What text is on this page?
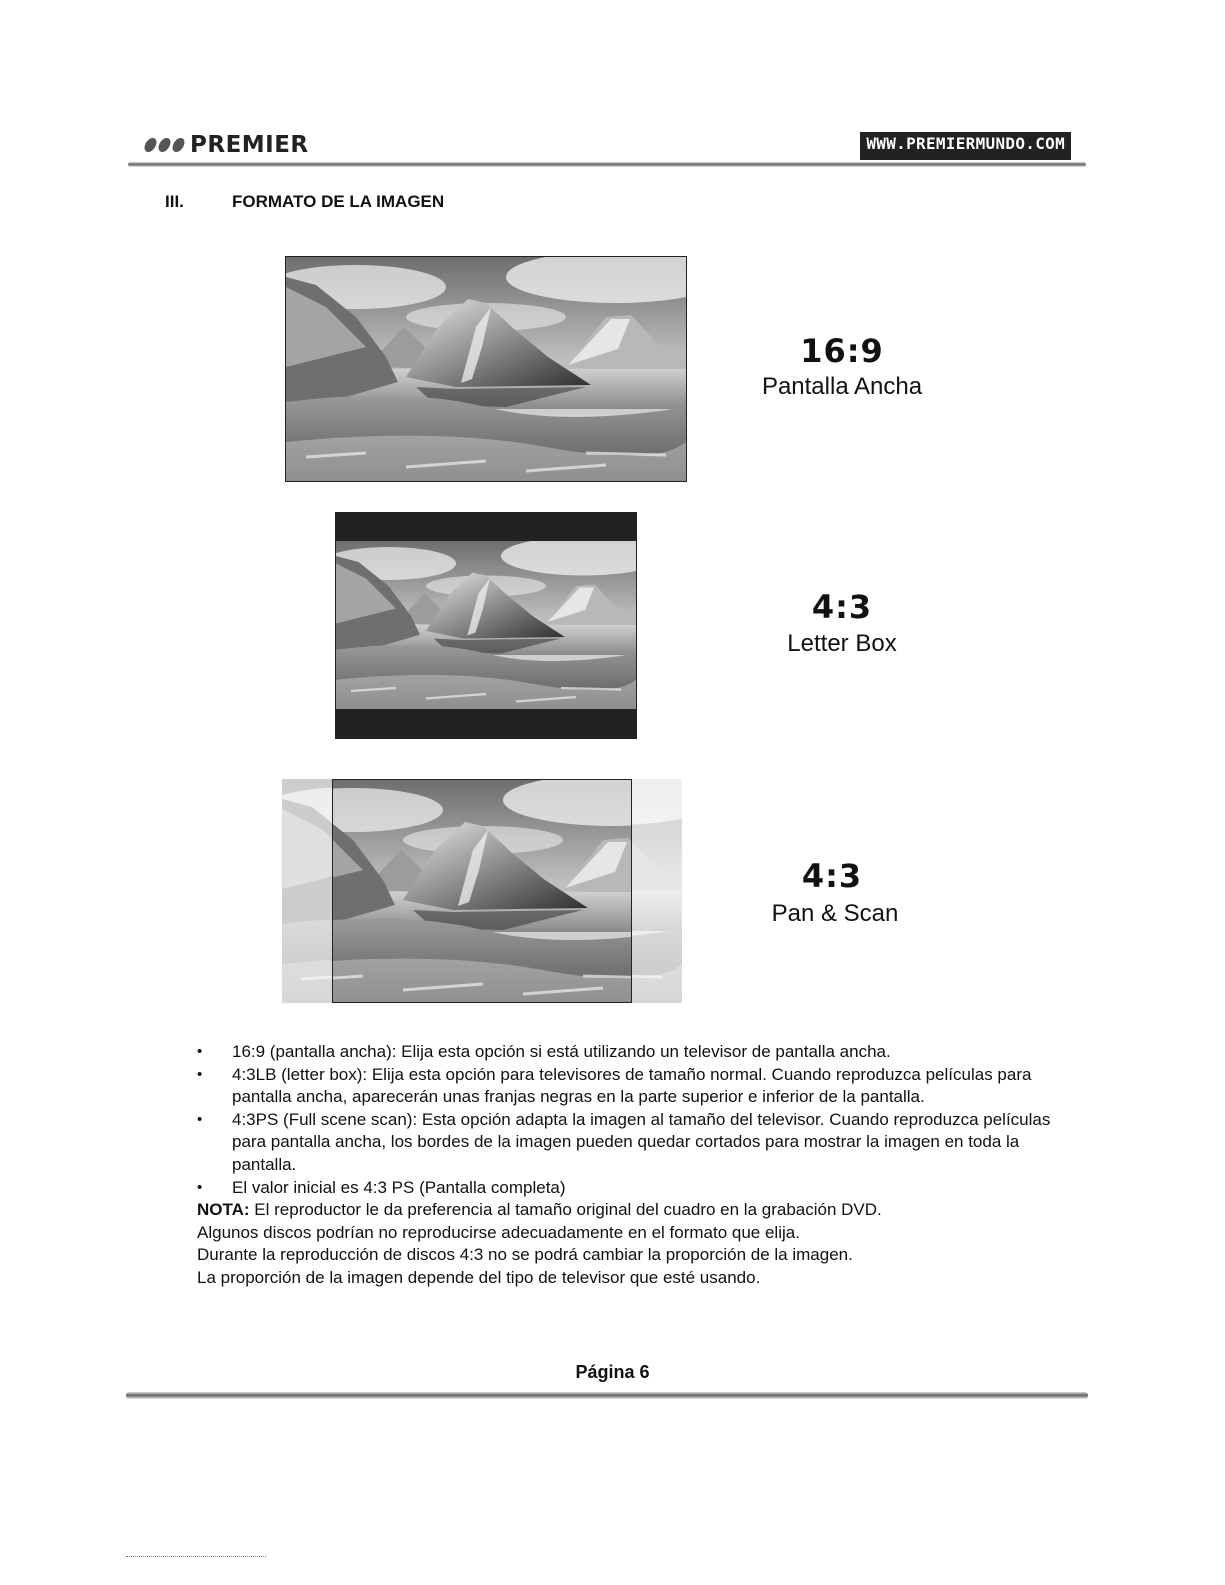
PREMIER	WWW.PREMIERMUNDO.COM
III.	FORMATO DE LA IMAGEN
16:9
Pantalla Ancha
4:3
Letter Box
4:3
Pan & Scan
• 16:9 (pantalla ancha): Elija esta opción si está utilizando un televisor de pantalla ancha.
• 4:3LB (letter box): Elija esta opción para televisores de tamaño normal. Cuando reproduzca películas para pantalla ancha, aparecerán unas franjas negras en la parte superior e inferior de la pantalla.
• 4:3PS (Full scene scan): Esta opción adapta la imagen al tamaño del televisor. Cuando reproduzca películas para pantalla ancha, los bordes de la imagen pueden quedar cortados para mostrar la imagen en toda la pantalla.
• El valor inicial es 4:3 PS (Pantalla completa)

NOTA: El reproductor le da preferencia al tamaño original del cuadro en la grabación DVD.

Algunos discos podrían no reproducirse adecuadamente en el formato que elija.

Durante la reproducción de discos 4:3 no se podrá cambiar la proporción de la imagen.

La proporción de la imagen depende del tipo de televisor que esté usando.

Página 6
